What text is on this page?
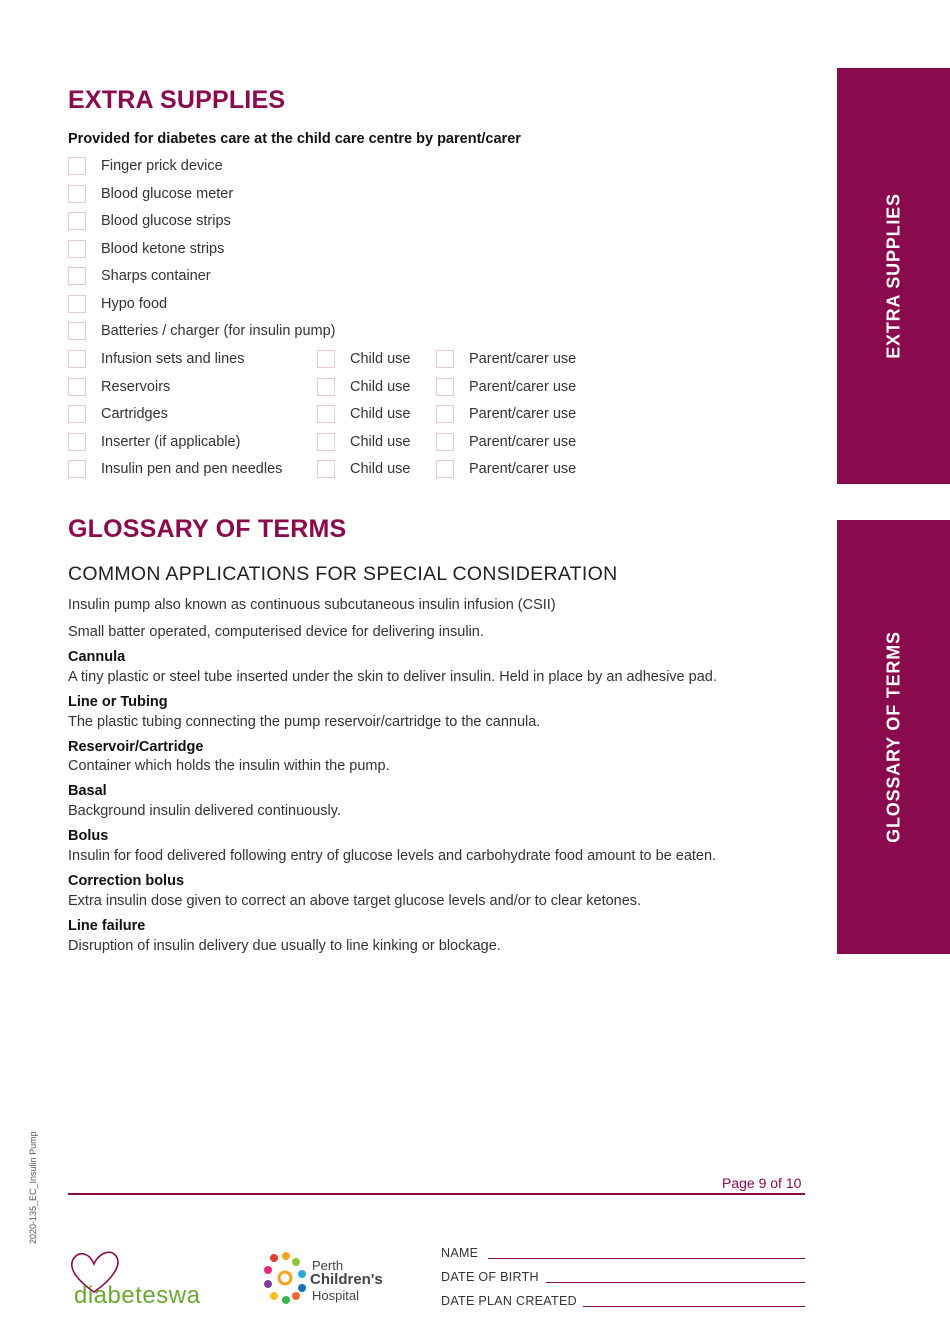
EXTRA SUPPLIES
GLOSSARY OF TERMS
EXTRA SUPPLIES
Provided for diabetes care at the child care centre by parent/carer
Finger prick device
Blood glucose meter
Blood glucose strips
Blood ketone strips
Sharps container
Hypo food
Batteries / charger (for insulin pump)
Infusion sets and lines	Child use	Parent/carer use
Reservoirs	Child use	Parent/carer use
Cartridges	Child use	Parent/carer use
Inserter (if applicable)	Child use	Parent/carer use
Insulin pen and pen needles	Child use	Parent/carer use
GLOSSARY OF TERMS
COMMON APPLICATIONS FOR SPECIAL CONSIDERATION
Insulin pump also known as continuous subcutaneous insulin infusion (CSII)
Small batter operated, computerised device for delivering insulin.
Cannula
A tiny plastic or steel tube inserted under the skin to deliver insulin. Held in place by an adhesive pad.
Line or Tubing
The plastic tubing connecting the pump reservoir/cartridge to the cannula.
Reservoir/Cartridge
Container which holds the insulin within the pump.
Basal
Background insulin delivered continuously.
Bolus
Insulin for food delivered following entry of glucose levels and carbohydrate food amount to be eaten.
Correction bolus
Extra insulin dose given to correct an above target glucose levels and/or to clear ketones.
Line failure
Disruption of insulin delivery due usually to line kinking or blockage.
2020-135_EC_Insulin Pump	Page 9 of 10
diabeteswa
Perth
Children's
Hospital
NAME
DATE OF BIRTH
DATE PLAN CREATED
